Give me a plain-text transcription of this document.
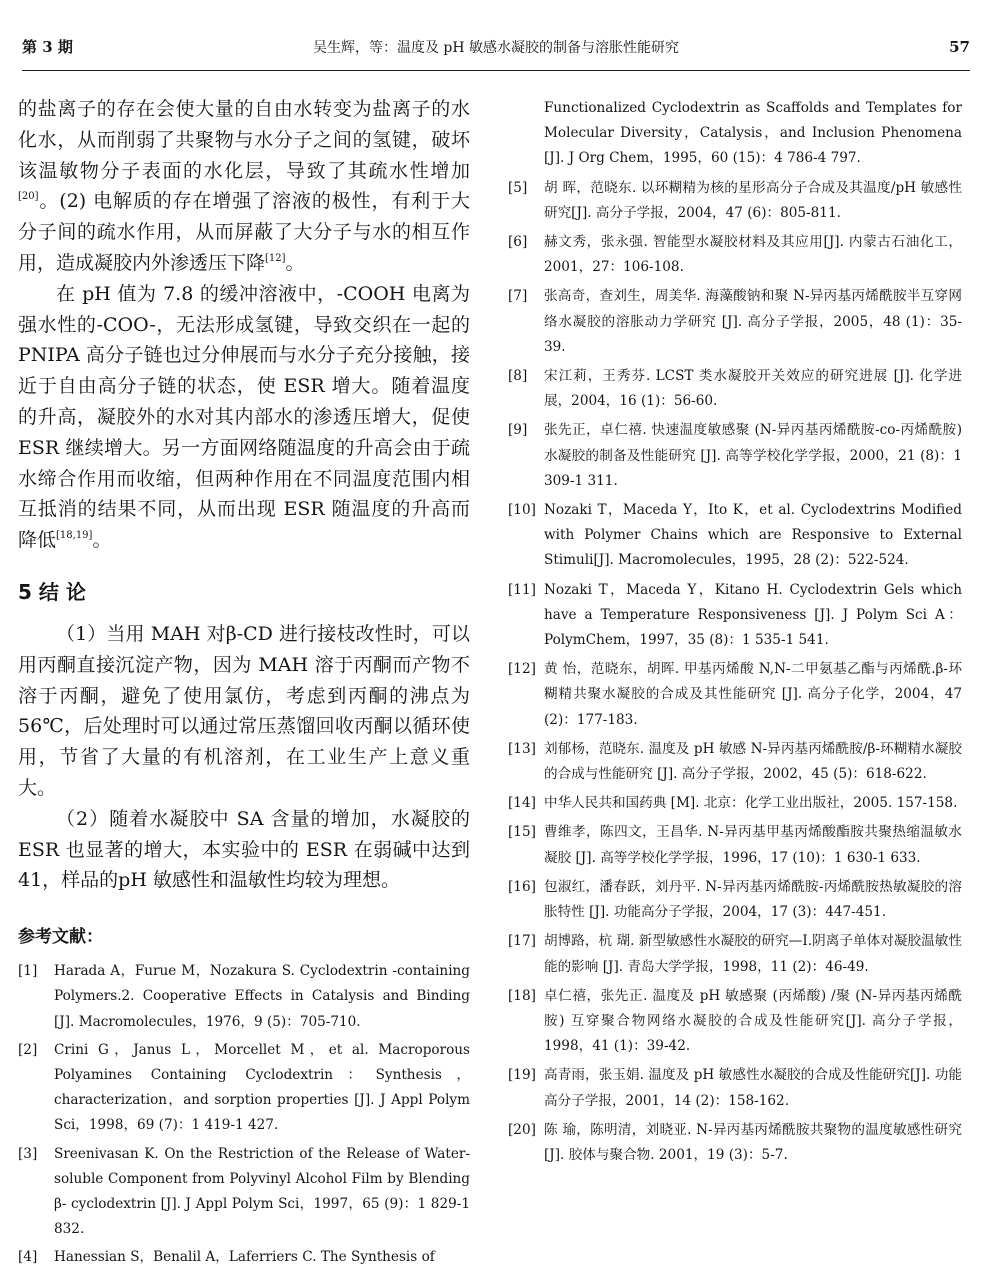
第 3 期	吴生辉，等：温度及 pH 敏感水凝胶的制备与溶胀性能研究	57

的盐离子的存在会使大量的自由水转变为盐离子的水化水，从而削弱了共聚物与水分子之间的氢键，破坏该温敏物分子表面的水化层，导致了其疏水性增加[20]。(2) 电解质的存在增强了溶液的极性，有利于大分子间的疏水作用，从而屏蔽了大分子与水的相互作用，造成凝胶内外渗透压下降[12]。

在 pH 值为 7.8 的缓冲溶液中，-COOH 电离为强水性的-COO-，无法形成氢键，导致交织在一起的 PNIPA 高分子链也过分伸展而与水分子充分接触，接近于自由高分子链的状态，使 ESR 增大。随着温度的升高，凝胶外的水对其内部水的渗透压增大，促使 ESR 继续增大。另一方面网络随温度的升高会由于疏水缔合作用而收缩，但两种作用在不同温度范围内相互抵消的结果不同，从而出现 ESR 随温度的升高而降低[18,19]。

5 结 论

（1）当用 MAH 对β-CD 进行接枝改性时，可以用丙酮直接沉淀产物，因为 MAH 溶于丙酮而产物不溶于丙酮，避免了使用氯仿，考虑到丙酮的沸点为 56℃，后处理时可以通过常压蒸馏回收丙酮以循环使用，节省了大量的有机溶剂，在工业生产上意义重大。

（2）随着水凝胶中 SA 含量的增加，水凝胶的 ESR 也显著的增大，本实验中的 ESR 在弱碱中达到 41，样品的pH 敏感性和温敏性均较为理想。

参考文献：
[1]	Harada A，Furue M，Nozakura S. Cyclodextrin -containing Polymers.2. Cooperative Effects in Catalysis and Binding [J]. Macromolecules，1976，9 (5)：705-710.
[2]	Crini G，Janus L，Morcellet M，et al. Macroporous Polyamines Containing Cyclodextrin：Synthesis，characterization，and sorption properties [J]. J Appl Polym Sci，1998，69 (7)：1 419-1 427.
[3]	Sreenivasan K. On the Restriction of the Release of Water-soluble Component from Polyvinyl Alcohol Film by Blending β- cyclodextrin [J]. J Appl Polym Sci，1997，65 (9)：1 829-1 832.
[4]	Hanessian S，Benalil A，Laferriers C. The Synthesis of
Functionalized Cyclodextrin as Scaffolds and Templates for Molecular Diversity，Catalysis，and Inclusion Phenomena [J]. J Org Chem，1995，60 (15)：4 786-4 797.
[5]	胡 晖，范晓东. 以环糊精为核的星形高分子合成及其温度/pH 敏感性研究[J]. 高分子学报，2004，47 (6)：805-811.
[6]	赫文秀，张永强. 智能型水凝胶材料及其应用[J]. 内蒙古石油化工，2001，27：106-108.
[7]	张高奇，查刘生，周美华. 海藻酸钠和聚 N-异丙基丙烯酰胺半互穿网络水凝胶的溶胀动力学研究 [J]. 高分子学报，2005，48 (1)：35-39.
[8]	宋江莉，王秀芬. LCST 类水凝胶开关效应的研究进展 [J]. 化学进展，2004，16 (1)：56-60.
[9]	张先正，卓仁禧. 快速温度敏感聚 (N-异丙基丙烯酰胺-co-丙烯酰胺) 水凝胶的制备及性能研究 [J]. 高等学校化学学报，2000，21 (8)：1 309-1 311.
[10] Nozaki T，Maceda Y，Ito K，et al. Cyclodextrins Modified with Polymer Chains which are Responsive to External Stimuli[J]. Macromolecules，1995，28 (2)：522-524.
[11] Nozaki T，Maceda Y，Kitano H. Cyclodextrin Gels which have a Temperature Responsiveness [J]. J Polym Sci A：PolymChem，1997，35 (8)：1 535-1 541.
[12] 黄 怡，范晓东，胡晖. 甲基丙烯酸 N,N-二甲氨基乙酯与丙烯酰.β-环糊精共聚水凝胶的合成及其性能研究 [J]. 高分子化学，2004，47 (2)：177-183.
[13] 刘郁杨，范晓东. 温度及 pH 敏感 N-异丙基丙烯酰胺/β-环糊精水凝胶的合成与性能研究 [J]. 高分子学报，2002，45 (5)：618-622.
[14] 中华人民共和国药典 [M]. 北京：化学工业出版社，2005. 157-158.
[15] 曹维孝，陈四文，王昌华. N-异丙基甲基丙烯酸酯胺共聚热缩温敏水凝胶 [J]. 高等学校化学学报，1996，17 (10)：1 630-1 633.
[16] 包淑红，潘春跃，刘丹平. N-异丙基丙烯酰胺-丙烯酰胺热敏凝胶的溶胀特性 [J]. 功能高分子学报，2004，17 (3)：447-451.
[17] 胡博路，杭 瑚. 新型敏感性水凝胶的研究—Ⅰ.阴离子单体对凝胶温敏性能的影响 [J]. 青岛大学学报，1998，11 (2)：46-49.
[18] 卓仁禧，张先正. 温度及 pH 敏感聚 (丙烯酸) /聚 (N-异丙基丙烯酰胺) 互穿聚合物网络水凝胶的合成及性能研究[J]. 高分子学报，1998，41 (1)：39-42.
[19] 高青雨，张玉娟. 温度及 pH 敏感性水凝胶的合成及性能研究[J]. 功能高分子学报，2001，14 (2)：158-162.
[20] 陈 瑜，陈明清，刘晓亚. N-异丙基丙烯酰胺共聚物的温度敏感性研究[J]. 胶体与聚合物. 2001，19 (3)：5-7.
